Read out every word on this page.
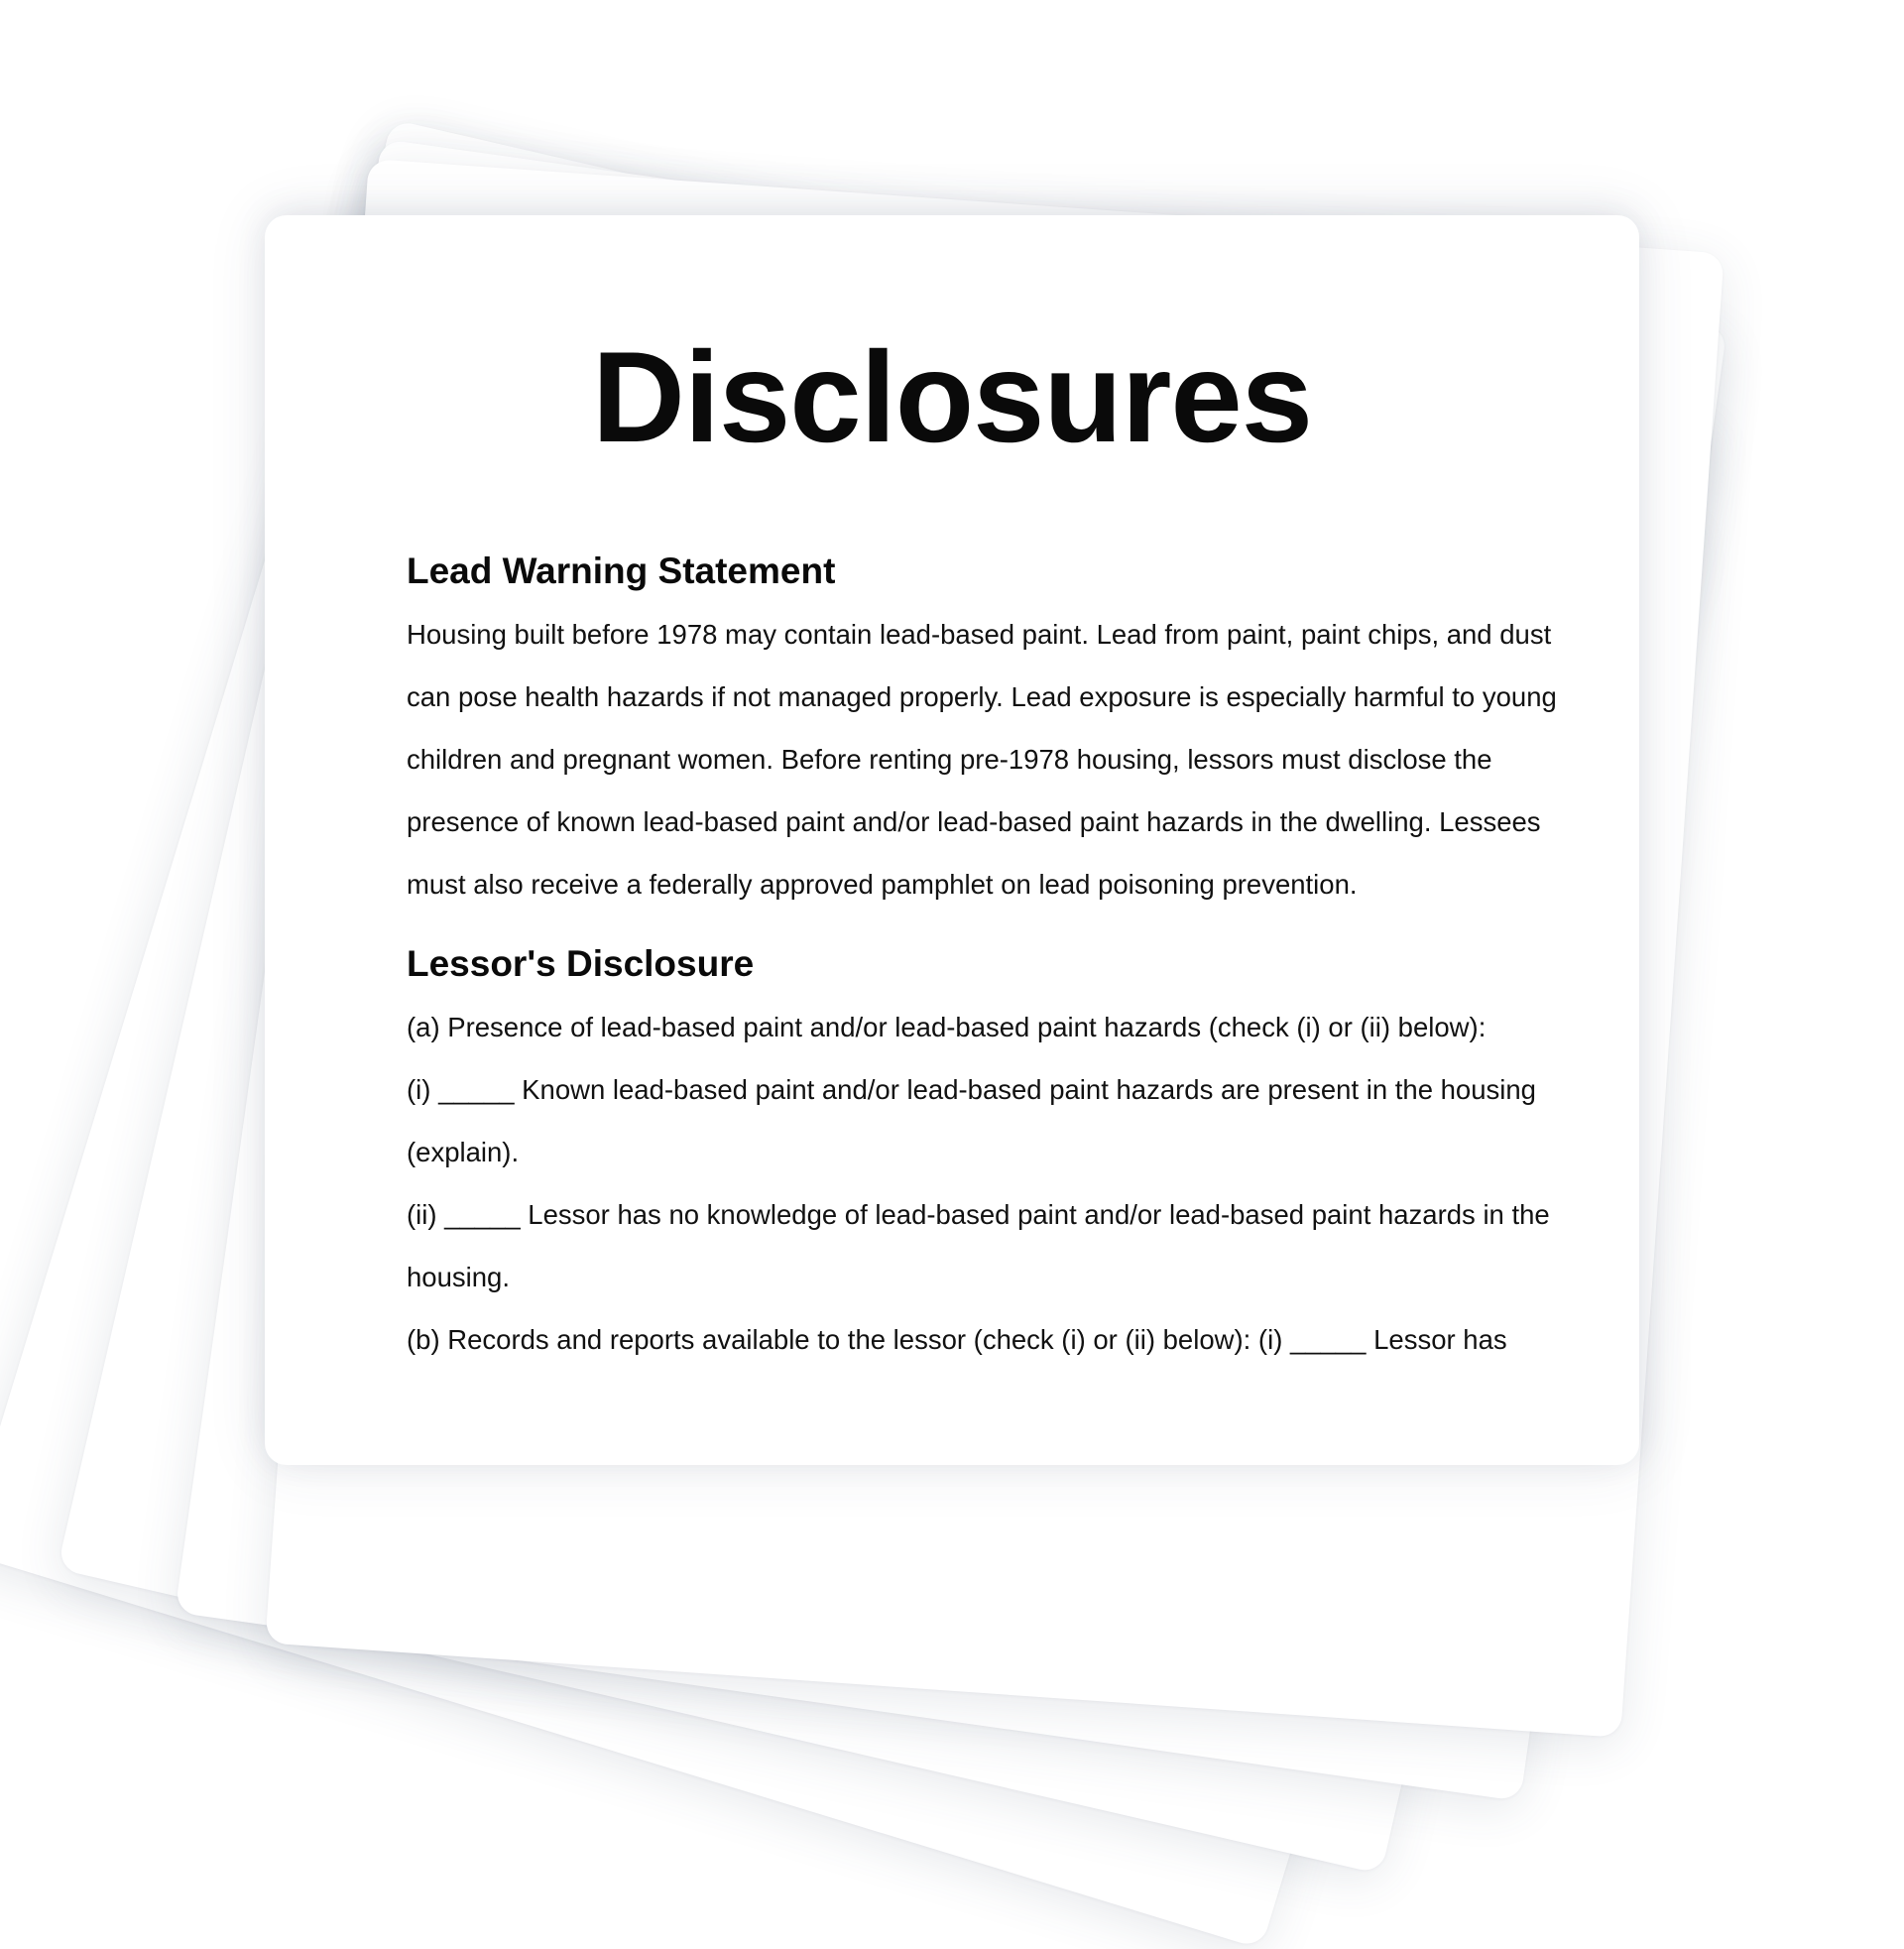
Disclosures
Lead Warning Statement

Housing built before 1978 may contain lead-based paint. Lead from paint, paint chips, and dust can pose health hazards if not managed properly. Lead exposure is especially harmful to young children and pregnant women. Before renting pre-1978 housing, lessors must disclose the presence of known lead-based paint and/or lead-based paint hazards in the dwelling. Lessees must also receive a federally approved pamphlet on lead poisoning prevention.

Lessor's Disclosure

(a) Presence of lead-based paint and/or lead-based paint hazards (check (i) or (ii) below):

(i) _____ Known lead-based paint and/or lead-based paint hazards are present in the housing (explain).

(ii) _____ Lessor has no knowledge of lead-based paint and/or lead-based paint hazards in the housing.

(b) Records and reports available to the lessor (check (i) or (ii) below): (i) _____ Lessor has
